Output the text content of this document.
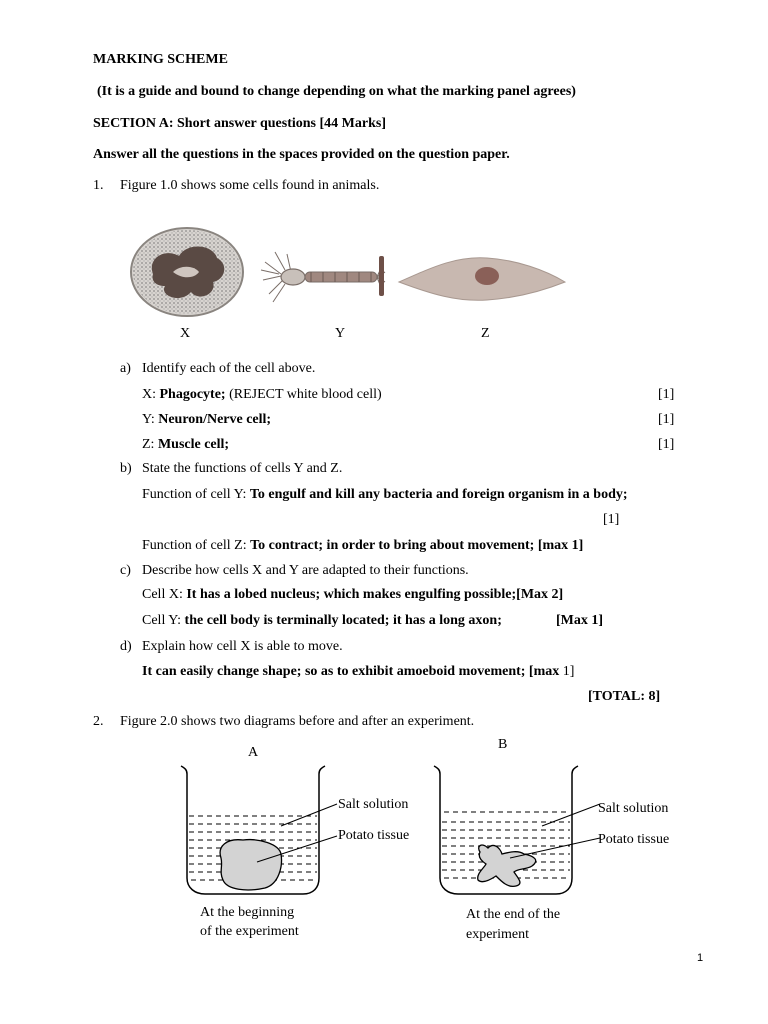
MARKING SCHEME
(It is a guide and bound to change depending on what the marking panel agrees)
SECTION A: Short answer questions [44 Marks]
Answer all the questions in the spaces provided on the question paper.
1. Figure 1.0 shows some cells found in animals.
X	Y	Z
a) Identify each of the cell above.
X: Phagocyte; (REJECT white blood cell)	[1]
Y: Neuron/Nerve cell;	[1]
Z: Muscle cell;	[1]
b) State the functions of cells Y and Z.
Function of cell Y: To engulf and kill any bacteria and foreign organism in a body;
[1]
Function of cell Z: To contract; in order to bring about movement; [max 1]
c) Describe how cells X and Y are adapted to their functions.
Cell X: It has a lobed nucleus; which makes engulfing possible;[Max 2]
Cell Y: the cell body is terminally located; it has a long axon;	[Max 1]
d) Explain how cell X is able to move.
It can easily change shape; so as to exhibit amoeboid movement; [max 1]
[TOTAL: 8]
2. Figure 2.0 shows two diagrams before and after an experiment.
A
B
Salt solution
Potato tissue
At the beginning
of the experiment
Salt solution
Potato tissue
At the end of the
experiment
1
